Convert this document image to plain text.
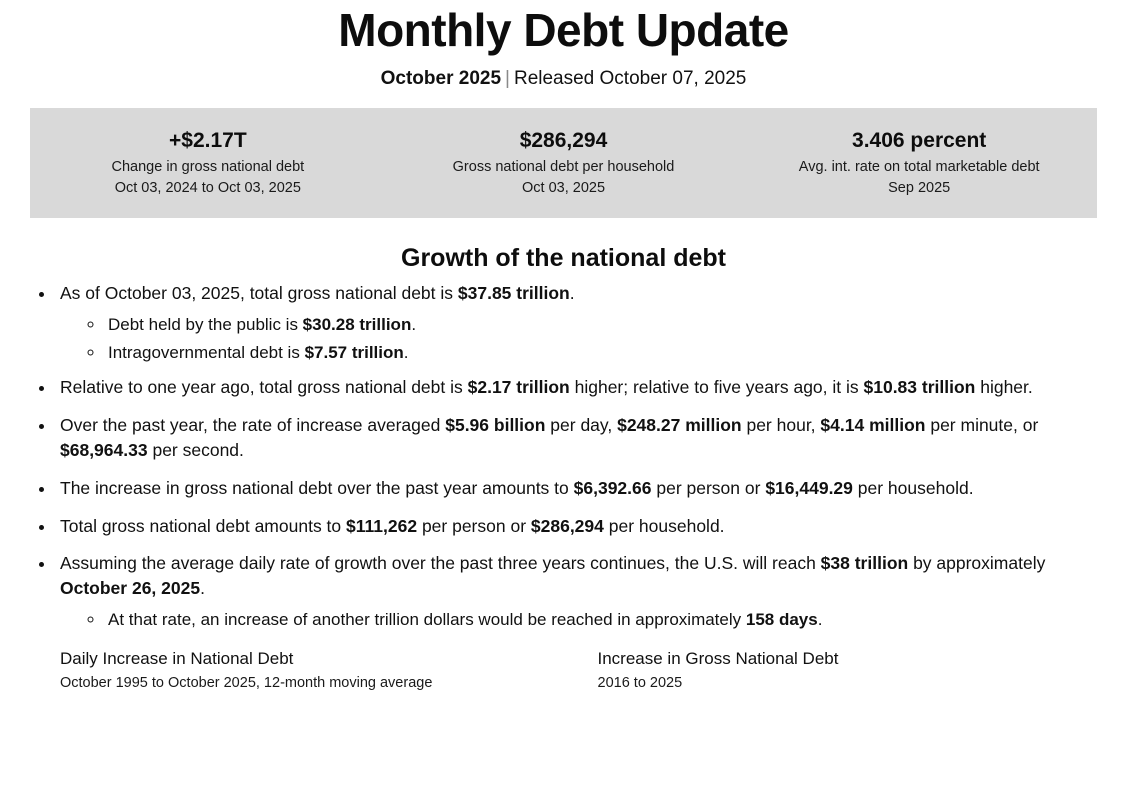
Monthly Debt Update
October 2025 | Released October 07, 2025
+$2.17T
Change in gross national debt
Oct 03, 2024 to Oct 03, 2025
$286,294
Gross national debt per household
Oct 03, 2025
3.406 percent
Avg. int. rate on total marketable debt
Sep 2025
Growth of the national debt
• As of October 03, 2025, total gross national debt is $37.85 trillion.
◦ Debt held by the public is $30.28 trillion.
◦ Intragovernmental debt is $7.57 trillion.
• Relative to one year ago, total gross national debt is $2.17 trillion higher; relative to five years ago, it is $10.83 trillion higher.
• Over the past year, the rate of increase averaged $5.96 billion per day, $248.27 million per hour, $4.14 million per minute, or $68,964.33 per second.
• The increase in gross national debt over the past year amounts to $6,392.66 per person or $16,449.29 per household.
• Total gross national debt amounts to $111,262 per person or $286,294 per household.
• Assuming the average daily rate of growth over the past three years continues, the U.S. will reach $38 trillion by approximately October 26, 2025.
◦ At that rate, an increase of another trillion dollars would be reached in approximately 158 days.
Daily Increase in National Debt
October 1995 to October 2025, 12-month moving average
Increase in Gross National Debt
2016 to 2025
